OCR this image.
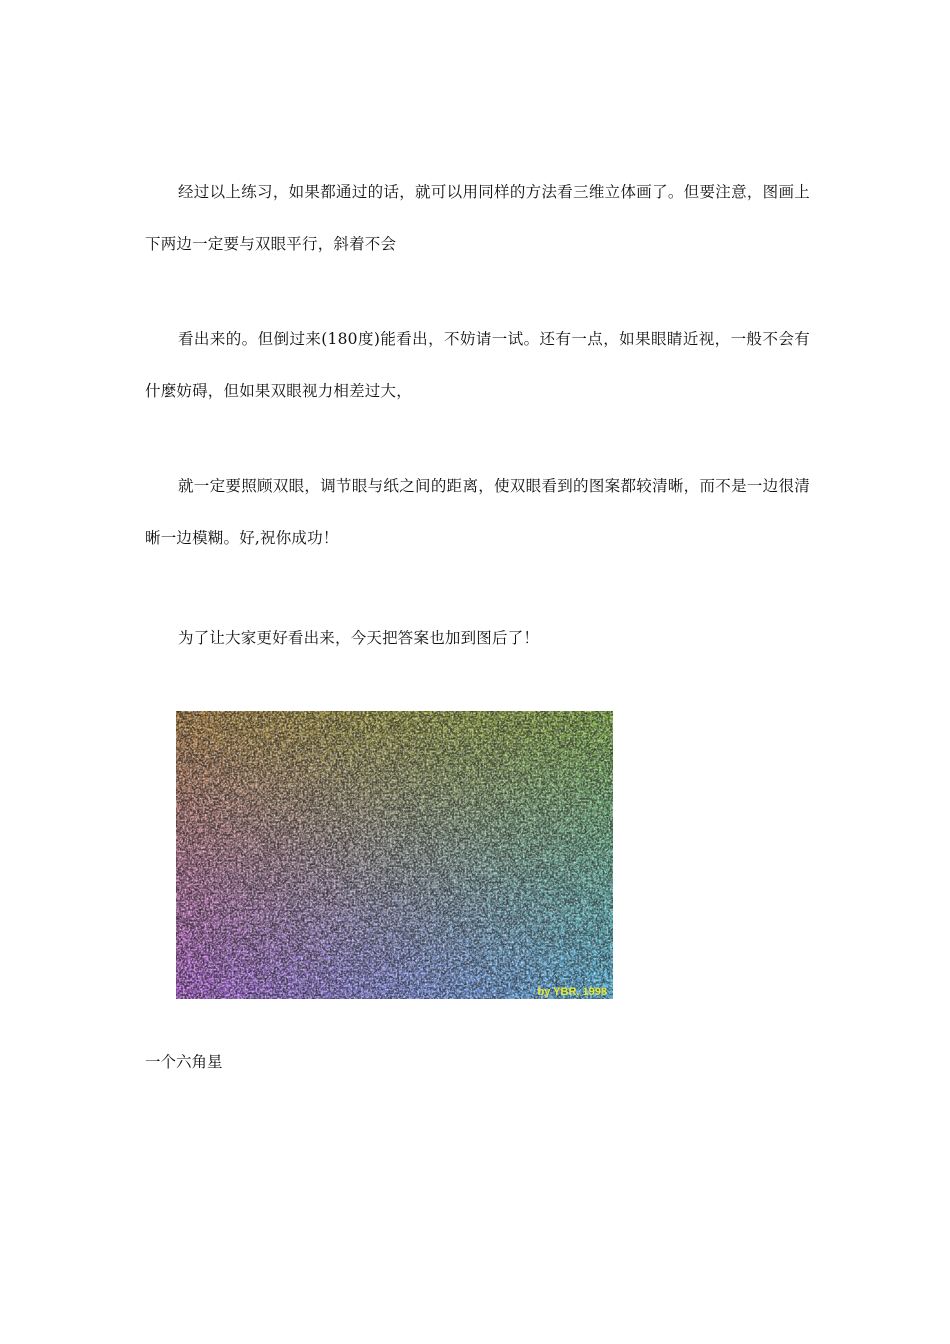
经过以上练习，如果都通过的话，就可以用同样的方法看三维立体画了。但要注意，图画上下两边一定要与双眼平行，斜着不会

看出来的。但倒过来(180度)能看出，不妨请一试。还有一点，如果眼睛近视，一般不会有什麼妨碍，但如果双眼视力相差过大，

就一定要照顾双眼，调节眼与纸之间的距离，使双眼看到的图案都较清晰，而不是一边很清晰一边模糊。好,祝你成功！

为了让大家更好看出来，今天把答案也加到图后了！

by YBR, 1998

一个六角星
